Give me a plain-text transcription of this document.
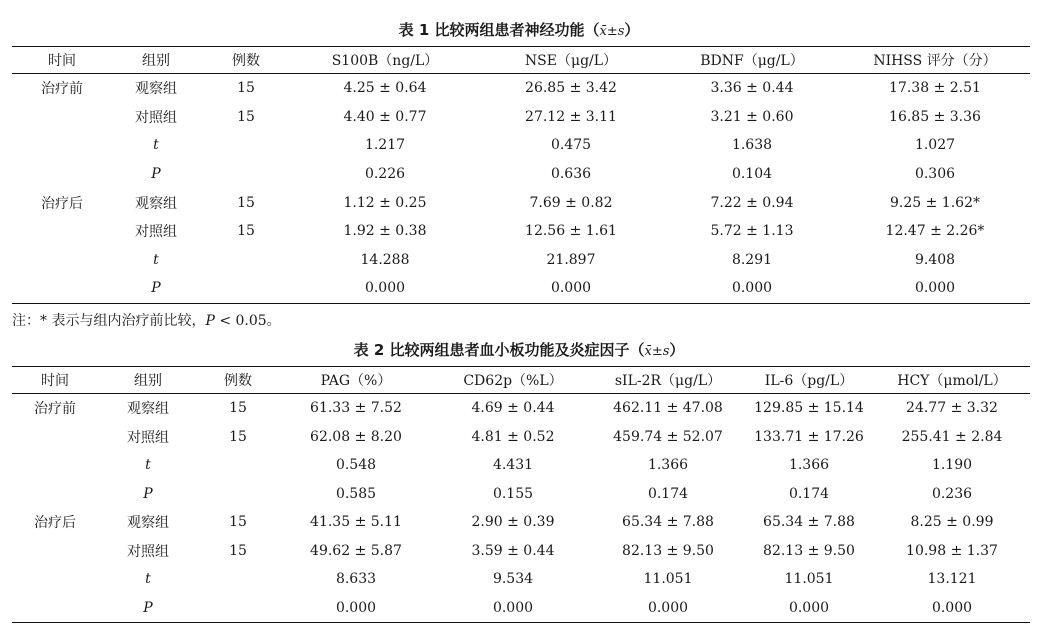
表 1 比较两组患者神经功能（x̄±s）
时间	组别	例数	S100B（ng/L）	NSE（μg/L）	BDNF（μg/L）	NIHSS 评分（分）
治疗前	观察组	15	4.25 ± 0.64	26.85 ± 3.42	3.36 ± 0.44	17.38 ± 2.51
	对照组	15	4.40 ± 0.77	27.12 ± 3.11	3.21 ± 0.60	16.85 ± 3.36
	t		1.217	0.475	1.638	1.027
	P		0.226	0.636	0.104	0.306
治疗后	观察组	15	1.12 ± 0.25	7.69 ± 0.82	7.22 ± 0.94	9.25 ± 1.62*
	对照组	15	1.92 ± 0.38	12.56 ± 1.61	5.72 ± 1.13	12.47 ± 2.26*
	t		14.288	21.897	8.291	9.408
	P		0.000	0.000	0.000	0.000
注：* 表示与组内治疗前比较，P < 0.05。
表 2 比较两组患者血小板功能及炎症因子（x̄±s）
时间	组别	例数	PAG（%）	CD62p（%L）	sIL-2R（μg/L）	IL-6（pg/L）	HCY（μmol/L）
治疗前	观察组	15	61.33 ± 7.52	4.69 ± 0.44	462.11 ± 47.08	129.85 ± 15.14	24.77 ± 3.32
	对照组	15	62.08 ± 8.20	4.81 ± 0.52	459.74 ± 52.07	133.71 ± 17.26	255.41 ± 2.84
	t		0.548	4.431	1.366	1.366	1.190
	P		0.585	0.155	0.174	0.174	0.236
治疗后	观察组	15	41.35 ± 5.11	2.90 ± 0.39	65.34 ± 7.88	65.34 ± 7.88	8.25 ± 0.99
	对照组	15	49.62 ± 5.87	3.59 ± 0.44	82.13 ± 9.50	82.13 ± 9.50	10.98 ± 1.37
	t		8.633	9.534	11.051	11.051	13.121
	P		0.000	0.000	0.000	0.000	0.000
